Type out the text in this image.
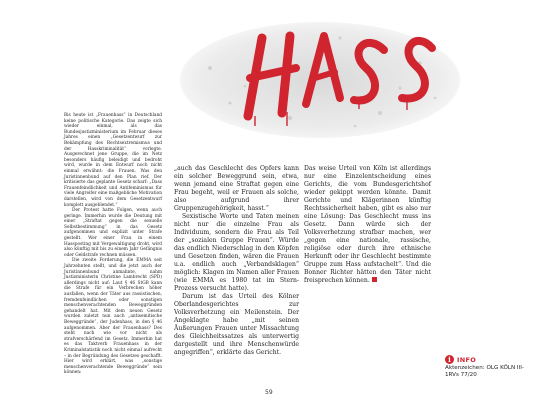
Bis heute ist „Frauenhass“ in Deutschland keine politische Kategorie. Das zeigte sich wieder einmal, als das Bundesjustizministerium im Februar dieses Jahres einen „Gesetzentwurf zur Bekämpfung des Rechtsextremismus und der Hasskriminalität“ vorlegte. Ausgerechnet jene Gruppe, die im Netz besonders häufig beleidigt und bedroht wird, wurde in dem Entwurf noch nicht einmal erwähnt: die Frauen. Was den Juristinnenbund auf den Plan rief. Der kritisierte das geplante Gesetz scharf: „Dass Frauenfeindlichkeit und Antifeminismus für viele Angreifer eine maßgebliche Motivation darstellen, wird von dem Gesetzentwurf komplett ausgeblendet.“

Der Protest hatte Folgen, wenn auch geringe. Immerhin wurde die Deutung mit einer „Straftat gegen die sexuelle Selbstbestimmung“ in das Gesetz aufgenommen und explizit unter Strafe gestellt. Wer einer Frau in einem Hassposting mit Vergewaltigung droht, wird also künftig mit bis zu einem Jahr Gefängnis oder Geldstrafe rechnen müssen.

Die zweite Forderung, die EMMA seit Jahrzehnten stellt, und die jetzt auch der Juristinnenbund anmahnte, nahm Justizministerin Christine Lambrecht (SPD) allerdings nicht auf: Laut § 46 StGB kann die Strafe für ein Verbrechen höher ausfallen, wenn der Täter aus rassistischen, fremdenfeindlichen oder sonstigen menschenverachtenden Beweggründen gehandelt hat. Mit dem neuen Gesetz wurden zuletzt nun auch „antisemitische Beweggründe“, der Judenhass, in den § 46 aufgenommen. Aber der Frauenhass? Des steht nach wie vor nicht als strafverschärfend im Gesetz. Immerhin hat es das Taktverb Frauenhass in der Kriminalstatistik noch nicht einmal aufrecht – in der Begründung des Gesetzes geschafft. Hier wird erklärt, was „sonstige menschenverachtende Beweggründe“ sein können:

„auch das Geschlecht des Opfers kann ein solcher Beweggrund sein, etwa, wenn jemand eine Straftat gegen eine Frau begeht, weil er Frauen als solche, also aufgrund ihrer Gruppenzugehörigkeit, hasst.“

Sexistische Worte und Taten meinen nicht nur die einzelne Frau als Individuum, sondern die Frau als Teil der „sozialen Gruppe Frauen“. Würde das endlich Niederschlag in den Köpfen und Gesetzen finden, wären die Frauen u.a. endlich auch „Verbandsklagen“ möglich: Klagen im Namen aller Frauen (wie EMMA es 1980 tat im Stern-Prozess versucht hatte).

Darum ist das Urteil des Kölner Oberlandesgerichtes zur Volksverhetzung ein Meilenstein. Der Angeklagte habe „mit seinen Äußerungen Frauen unter Missachtung des Gleichheitssatzes als unterwertig dargestellt und ihre Menschenwürde angegriffen“, erklärte das Gericht.

Das weise Urteil von Köln ist allerdings nur eine Einzelentscheidung eines Gerichts, die vom Bundesgerichtshof wieder gekippt werden könnte. Damit Gerichte und Klägerinnen künftig Rechtssicherheit haben, gibt es also nur eine Lösung: Das Geschlecht muss ins Gesetz. Dann würde sich der Volksverhetzung strafbar machen, wer „gegen eine nationale, rassische, religiöse oder durch ihre ethnische Herkunft oder ihr Geschlecht bestimmte Gruppe zum Hass aufstachelt“. Und die Bonner Richter hätten den Täter nicht freisprechen können.

i INFO
Aktenzeichen: OLG KÖLN III-1RVs 77/20
59
